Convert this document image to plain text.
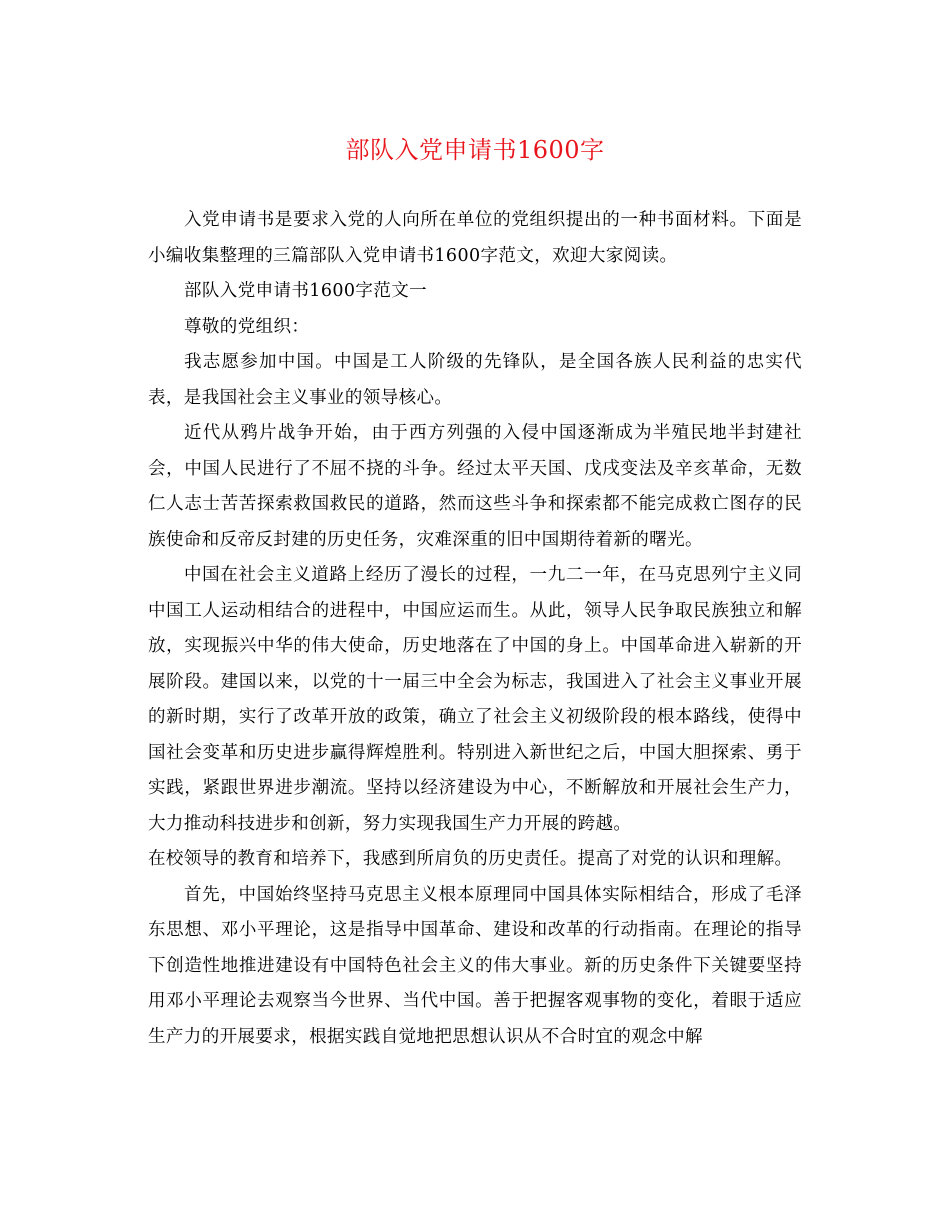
部队入党申请书1600字

入党申请书是要求入党的人向所在单位的党组织提出的一种书面材料。下面是小编收集整理的三篇部队入党申请书1600字范文，欢迎大家阅读。

部队入党申请书1600字范文一

尊敬的党组织：

我志愿参加中国。中国是工人阶级的先锋队，是全国各族人民利益的忠实代表，是我国社会主义事业的领导核心。

近代从鸦片战争开始，由于西方列强的入侵中国逐渐成为半殖民地半封建社会，中国人民进行了不屈不挠的斗争。经过太平天国、戊戌变法及辛亥革命，无数仁人志士苦苦探索救国救民的道路，然而这些斗争和探索都不能完成救亡图存的民族使命和反帝反封建的历史任务，灾难深重的旧中国期待着新的曙光。

中国在社会主义道路上经历了漫长的过程，一九二一年，在马克思列宁主义同中国工人运动相结合的进程中，中国应运而生。从此，领导人民争取民族独立和解放，实现振兴中华的伟大使命，历史地落在了中国的身上。中国革命进入崭新的开展阶段。建国以来，以党的十一届三中全会为标志，我国进入了社会主义事业开展的新时期，实行了改革开放的政策，确立了社会主义初级阶段的根本路线，使得中国社会变革和历史进步赢得辉煌胜利。特别进入新世纪之后，中国大胆探索、勇于实践，紧跟世界进步潮流。坚持以经济建设为中心，不断解放和开展社会生产力，大力推动科技进步和创新，努力实现我国生产力开展的跨越。

在校领导的教育和培养下，我感到所肩负的历史责任。提高了对党的认识和理解。

首先，中国始终坚持马克思主义根本原理同中国具体实际相结合，形成了毛泽东思想、邓小平理论，这是指导中国革命、建设和改革的行动指南。在理论的指导下创造性地推进建设有中国特色社会主义的伟大事业。新的历史条件下关键要坚持用邓小平理论去观察当今世界、当代中国。善于把握客观事物的变化，着眼于适应生产力的开展要求，根据实践自觉地把思想认识从不合时宜的观念中解
